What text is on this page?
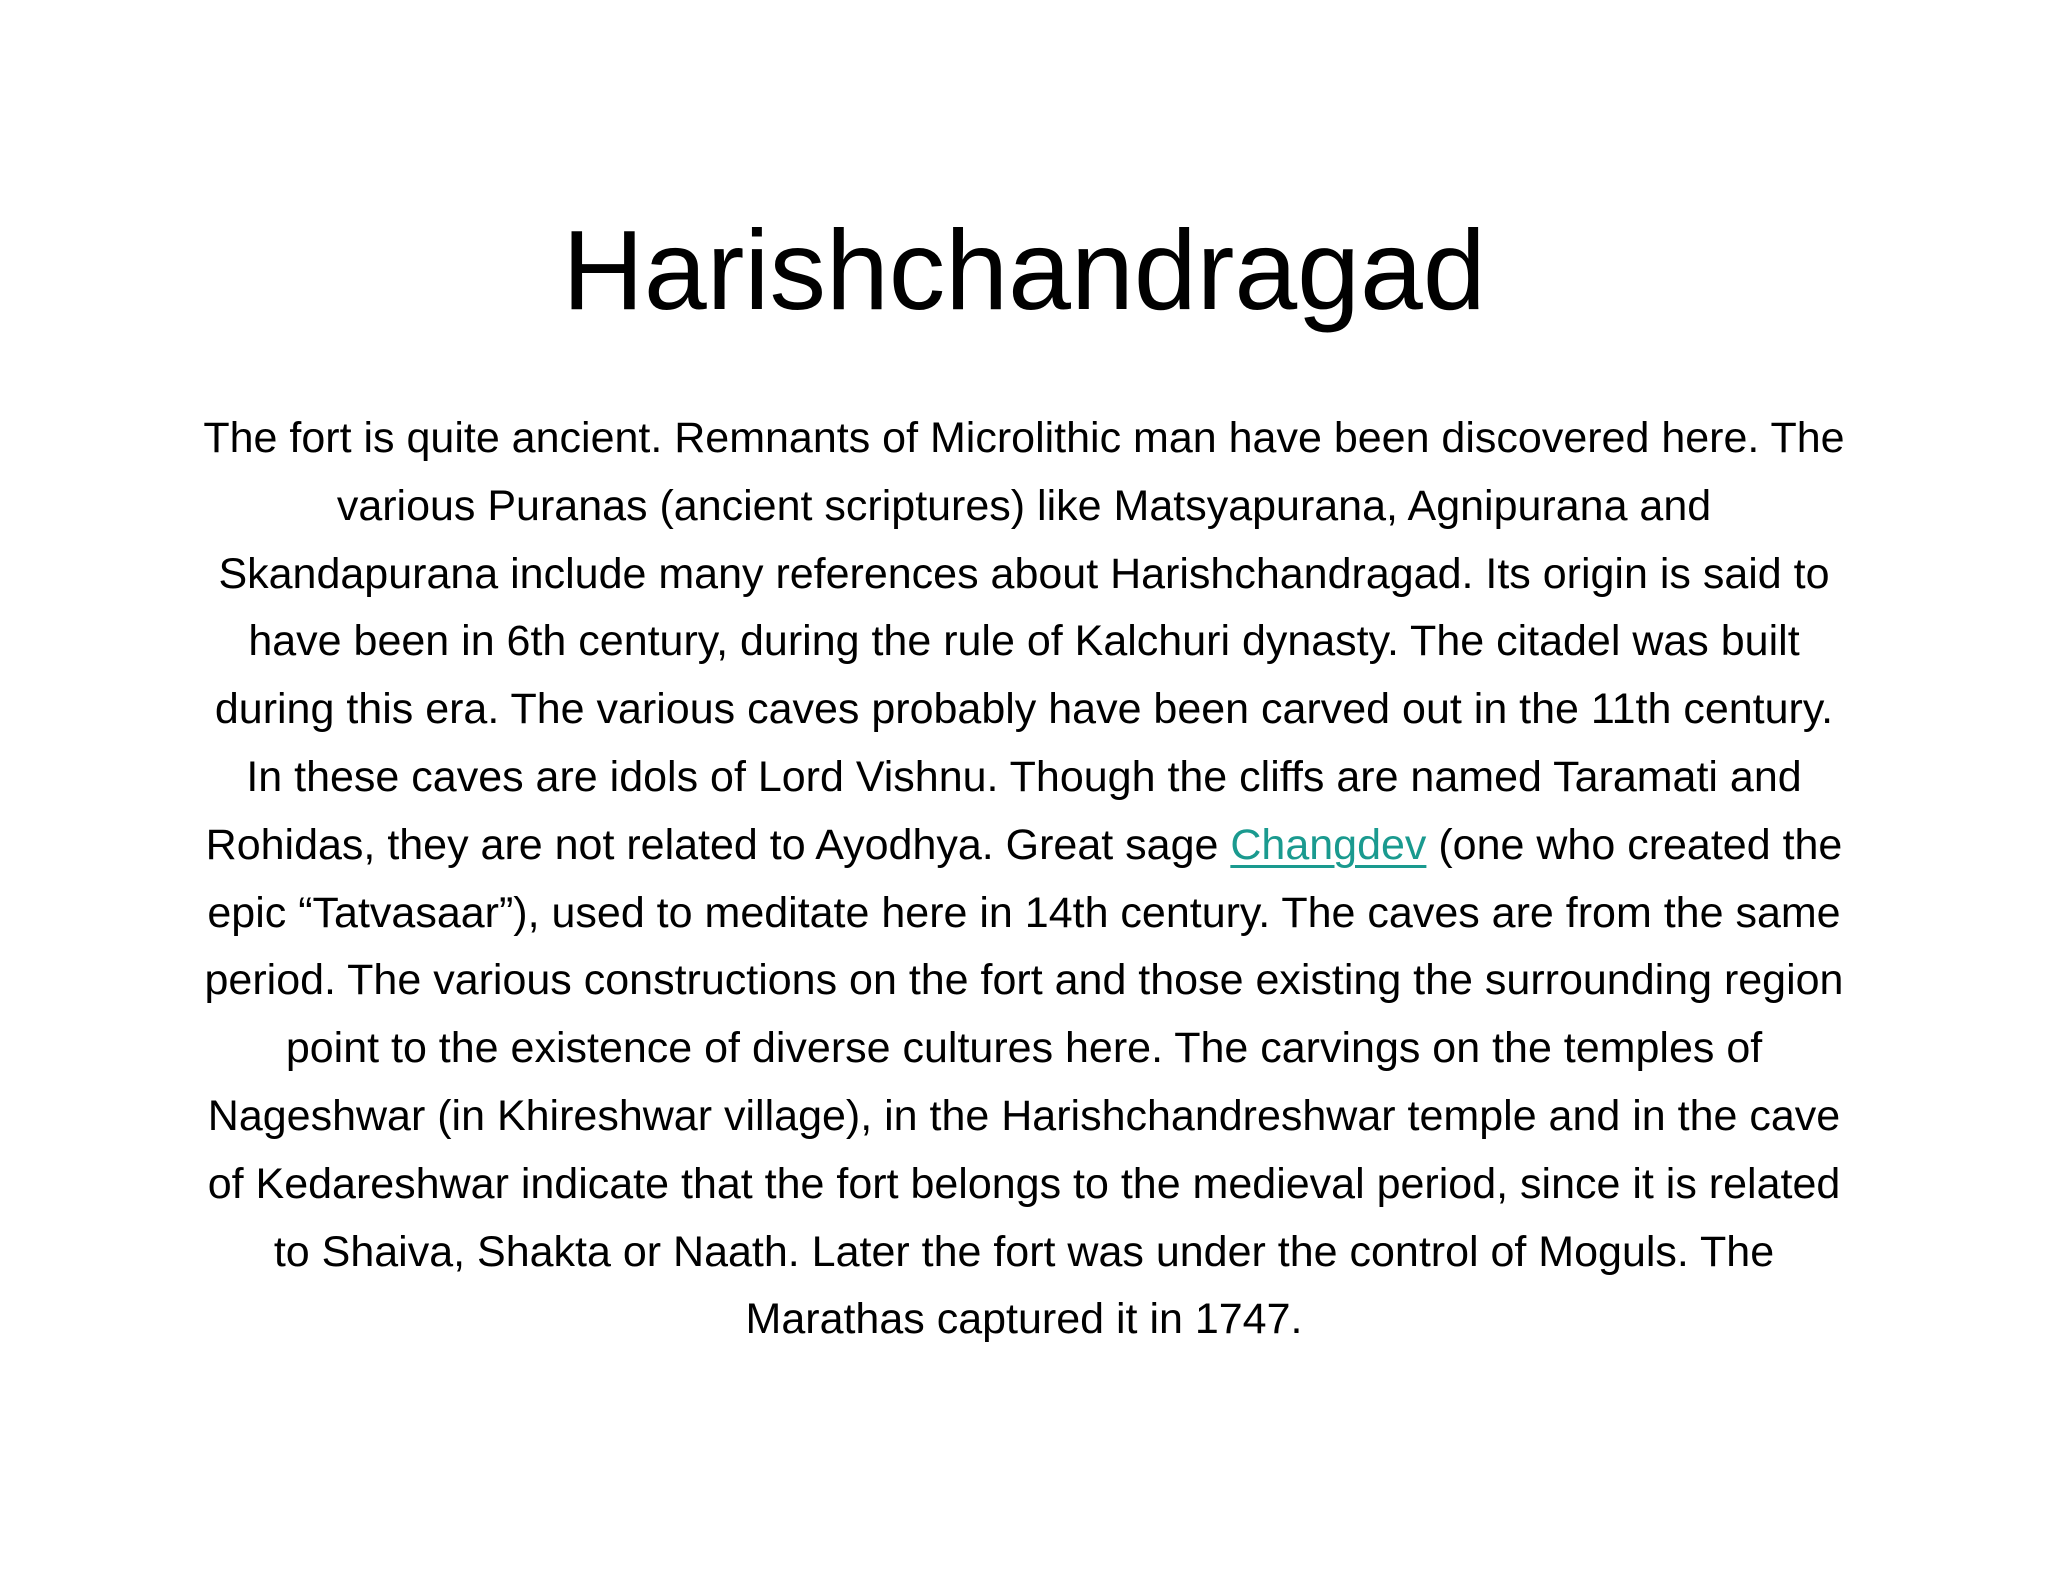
Harishchandragad

The fort is quite ancient. Remnants of Microlithic man have been discovered here. The various Puranas (ancient scriptures) like Matsyapurana, Agnipurana and Skandapurana include many references about Harishchandragad. Its origin is said to have been in 6th century, during the rule of Kalchuri dynasty. The citadel was built during this era. The various caves probably have been carved out in the 11th century. In these caves are idols of Lord Vishnu. Though the cliffs are named Taramati and Rohidas, they are not related to Ayodhya. Great sage Changdev (one who created the epic “Tatvasaar”), used to meditate here in 14th century. The caves are from the same period. The various constructions on the fort and those existing the surrounding region point to the existence of diverse cultures here. The carvings on the temples of Nageshwar (in Khireshwar village), in the Harishchandreshwar temple and in the cave of Kedareshwar indicate that the fort belongs to the medieval period, since it is related to Shaiva, Shakta or Naath. Later the fort was under the control of Moguls. The Marathas captured it in 1747.
